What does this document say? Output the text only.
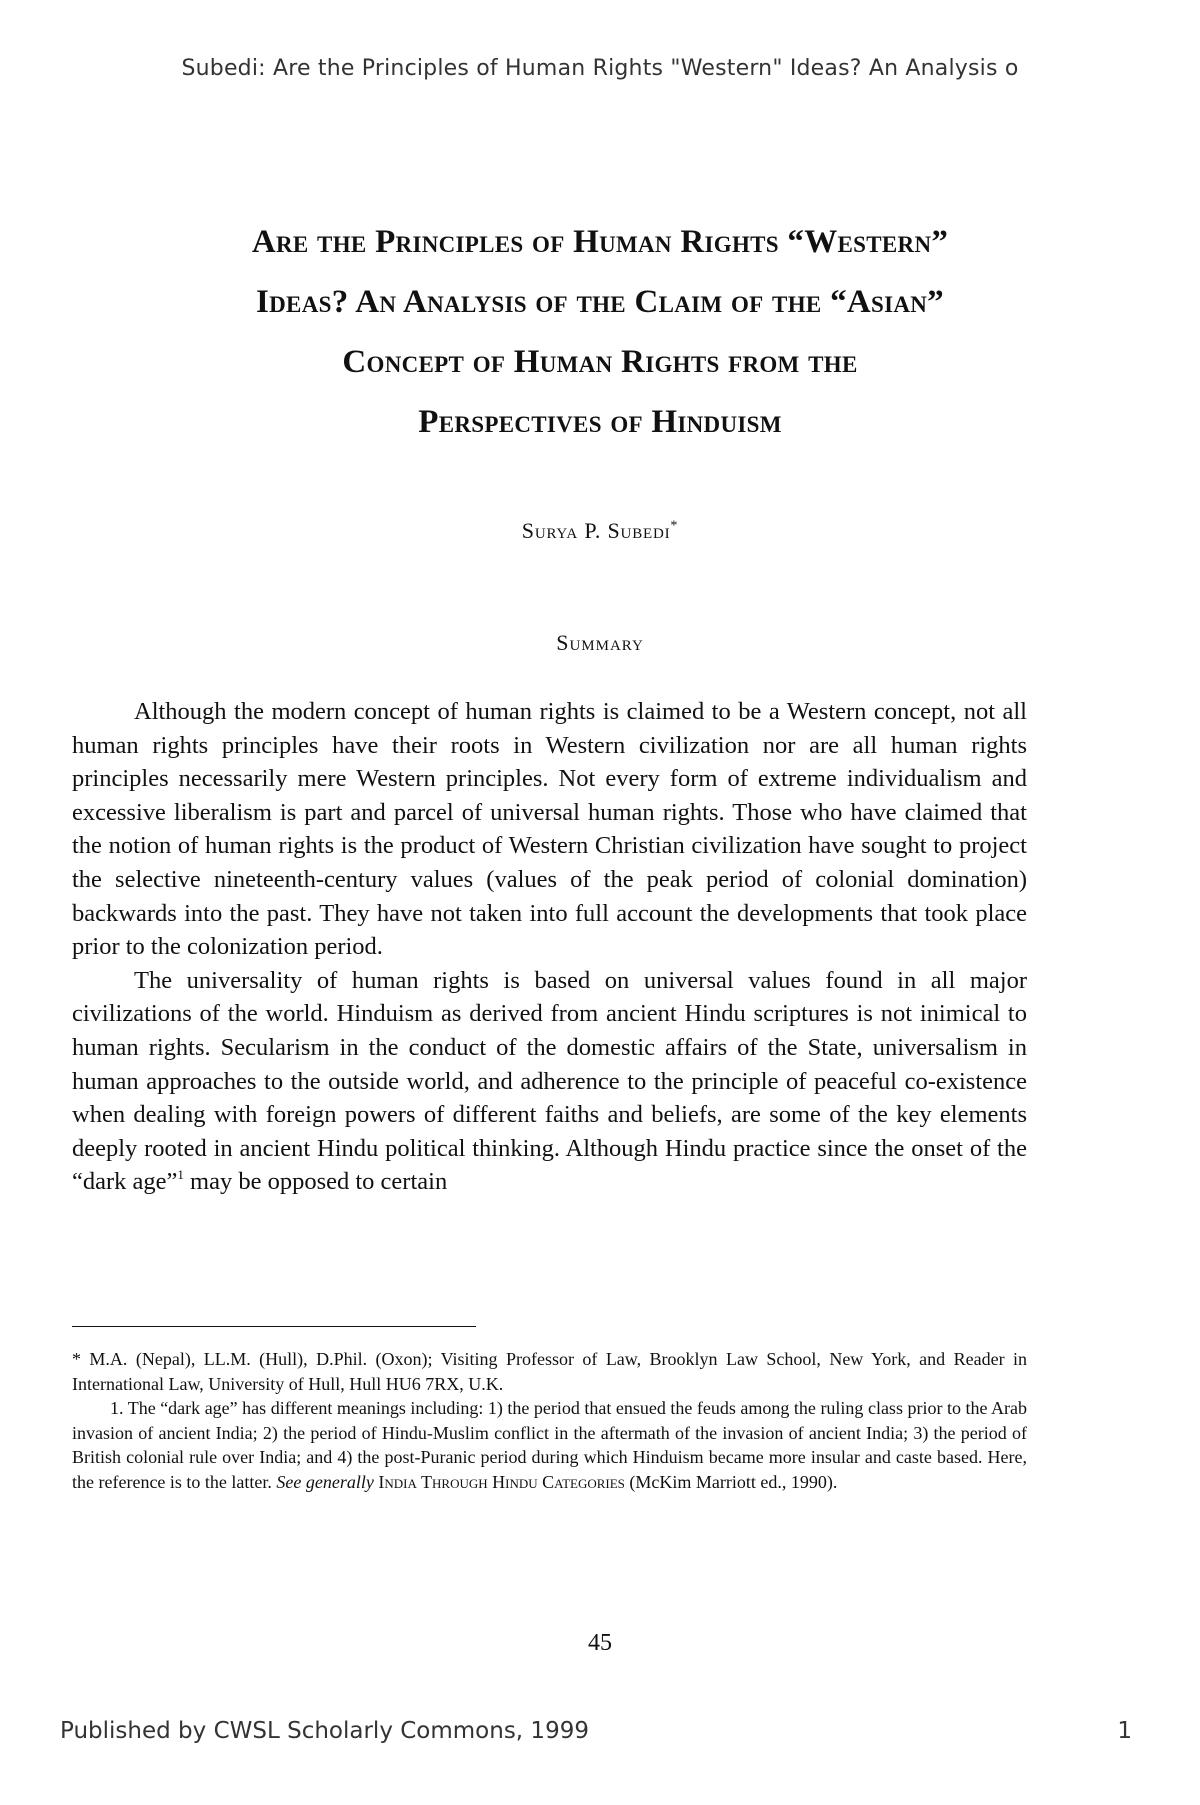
Subedi: Are the Principles of Human Rights "Western" Ideas? An Analysis o
Are the Principles of Human Rights “Western”
Ideas? An Analysis of the Claim of the “Asian”
Concept of Human Rights from the
Perspectives of Hinduism
Surya P. Subedi*
Summary

Although the modern concept of human rights is claimed to be a Western concept, not all human rights principles have their roots in Western civilization nor are all human rights principles necessarily mere Western principles. Not every form of extreme individualism and excessive liberalism is part and parcel of universal human rights. Those who have claimed that the notion of human rights is the product of Western Christian civilization have sought to project the selective nineteenth-century values (values of the peak period of colonial domination) backwards into the past. They have not taken into full account the developments that took place prior to the colonization period.

The universality of human rights is based on universal values found in all major civilizations of the world. Hinduism as derived from ancient Hindu scriptures is not inimical to human rights. Secularism in the conduct of the domestic affairs of the State, universalism in human approaches to the outside world, and adherence to the principle of peaceful co-existence when dealing with foreign powers of different faiths and beliefs, are some of the key elements deeply rooted in ancient Hindu political thinking. Although Hindu practice since the onset of the “dark age”$^1$ may be opposed to certain

* M.A. (Nepal), LL.M. (Hull), D.Phil. (Oxon); Visiting Professor of Law, Brooklyn Law School, New York, and Reader in International Law, University of Hull, Hull HU6 7RX, U.K.

1. The “dark age” has different meanings including: 1) the period that ensued the feuds among the ruling class prior to the Arab invasion of ancient India; 2) the period of Hindu-Muslim conflict in the aftermath of the invasion of ancient India; 3) the period of British colonial rule over India; and 4) the post-Puranic period during which Hinduism became more insular and caste based. Here, the reference is to the latter. See generally India Through Hindu Categories (McKim Marriott ed., 1990).

45
Published by CWSL Scholarly Commons, 1999	1
